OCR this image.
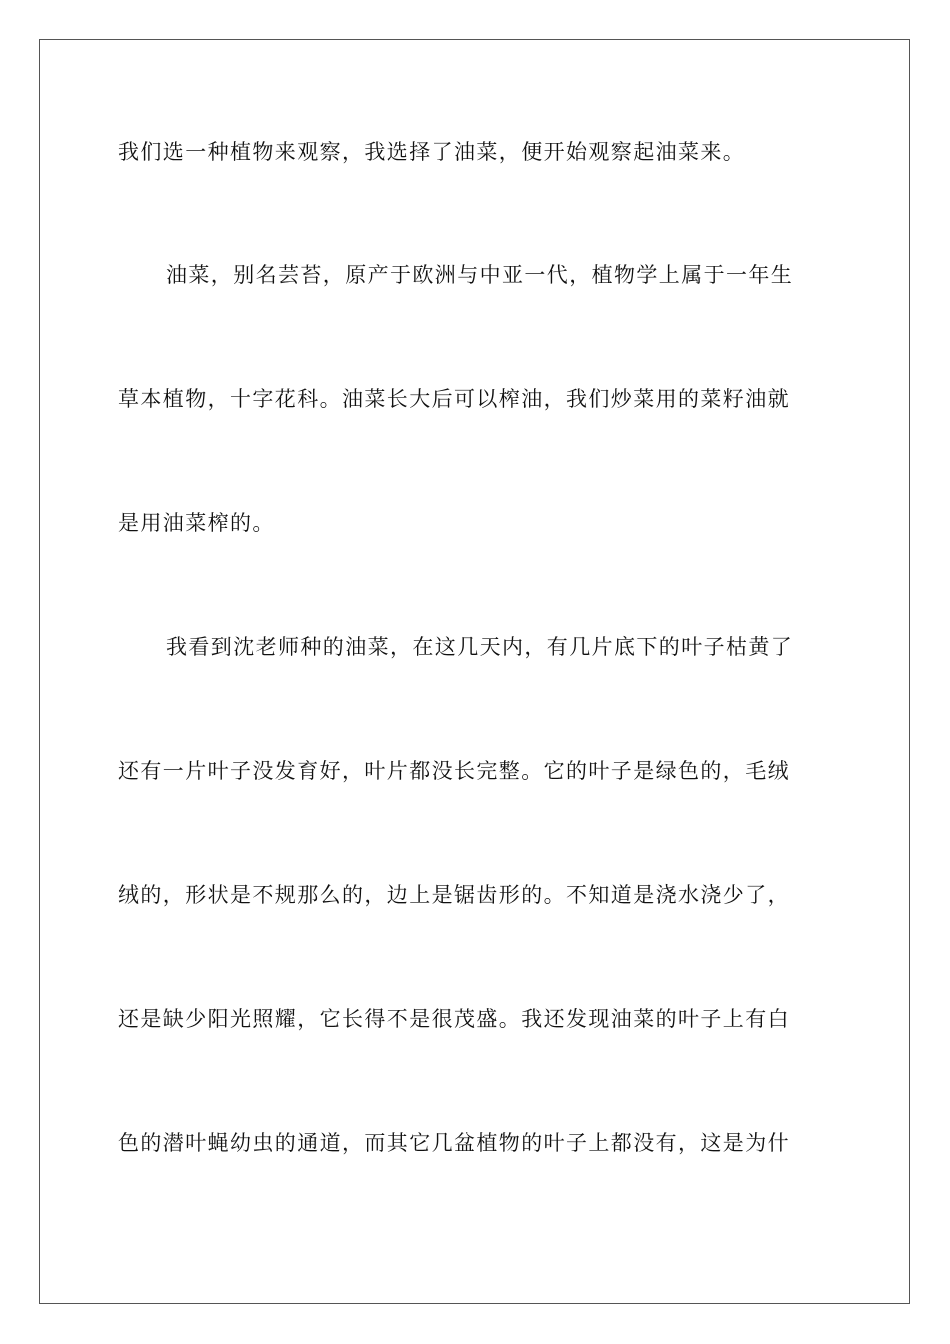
我们选一种植物来观察，我选择了油菜，便开始观察起油菜来。
油菜，别名芸苔，原产于欧洲与中亚一代，植物学上属于一年生
草本植物，十字花科。油菜长大后可以榨油，我们炒菜用的菜籽油就
是用油菜榨的。
我看到沈老师种的油菜，在这几天内，有几片底下的叶子枯黄了
还有一片叶子没发育好，叶片都没长完整。它的叶子是绿色的，毛绒
绒的，形状是不规那么的，边上是锯齿形的。不知道是浇水浇少了，
还是缺少阳光照耀，它长得不是很茂盛。我还发现油菜的叶子上有白
色的潜叶蝇幼虫的通道，而其它几盆植物的叶子上都没有，这是为什
